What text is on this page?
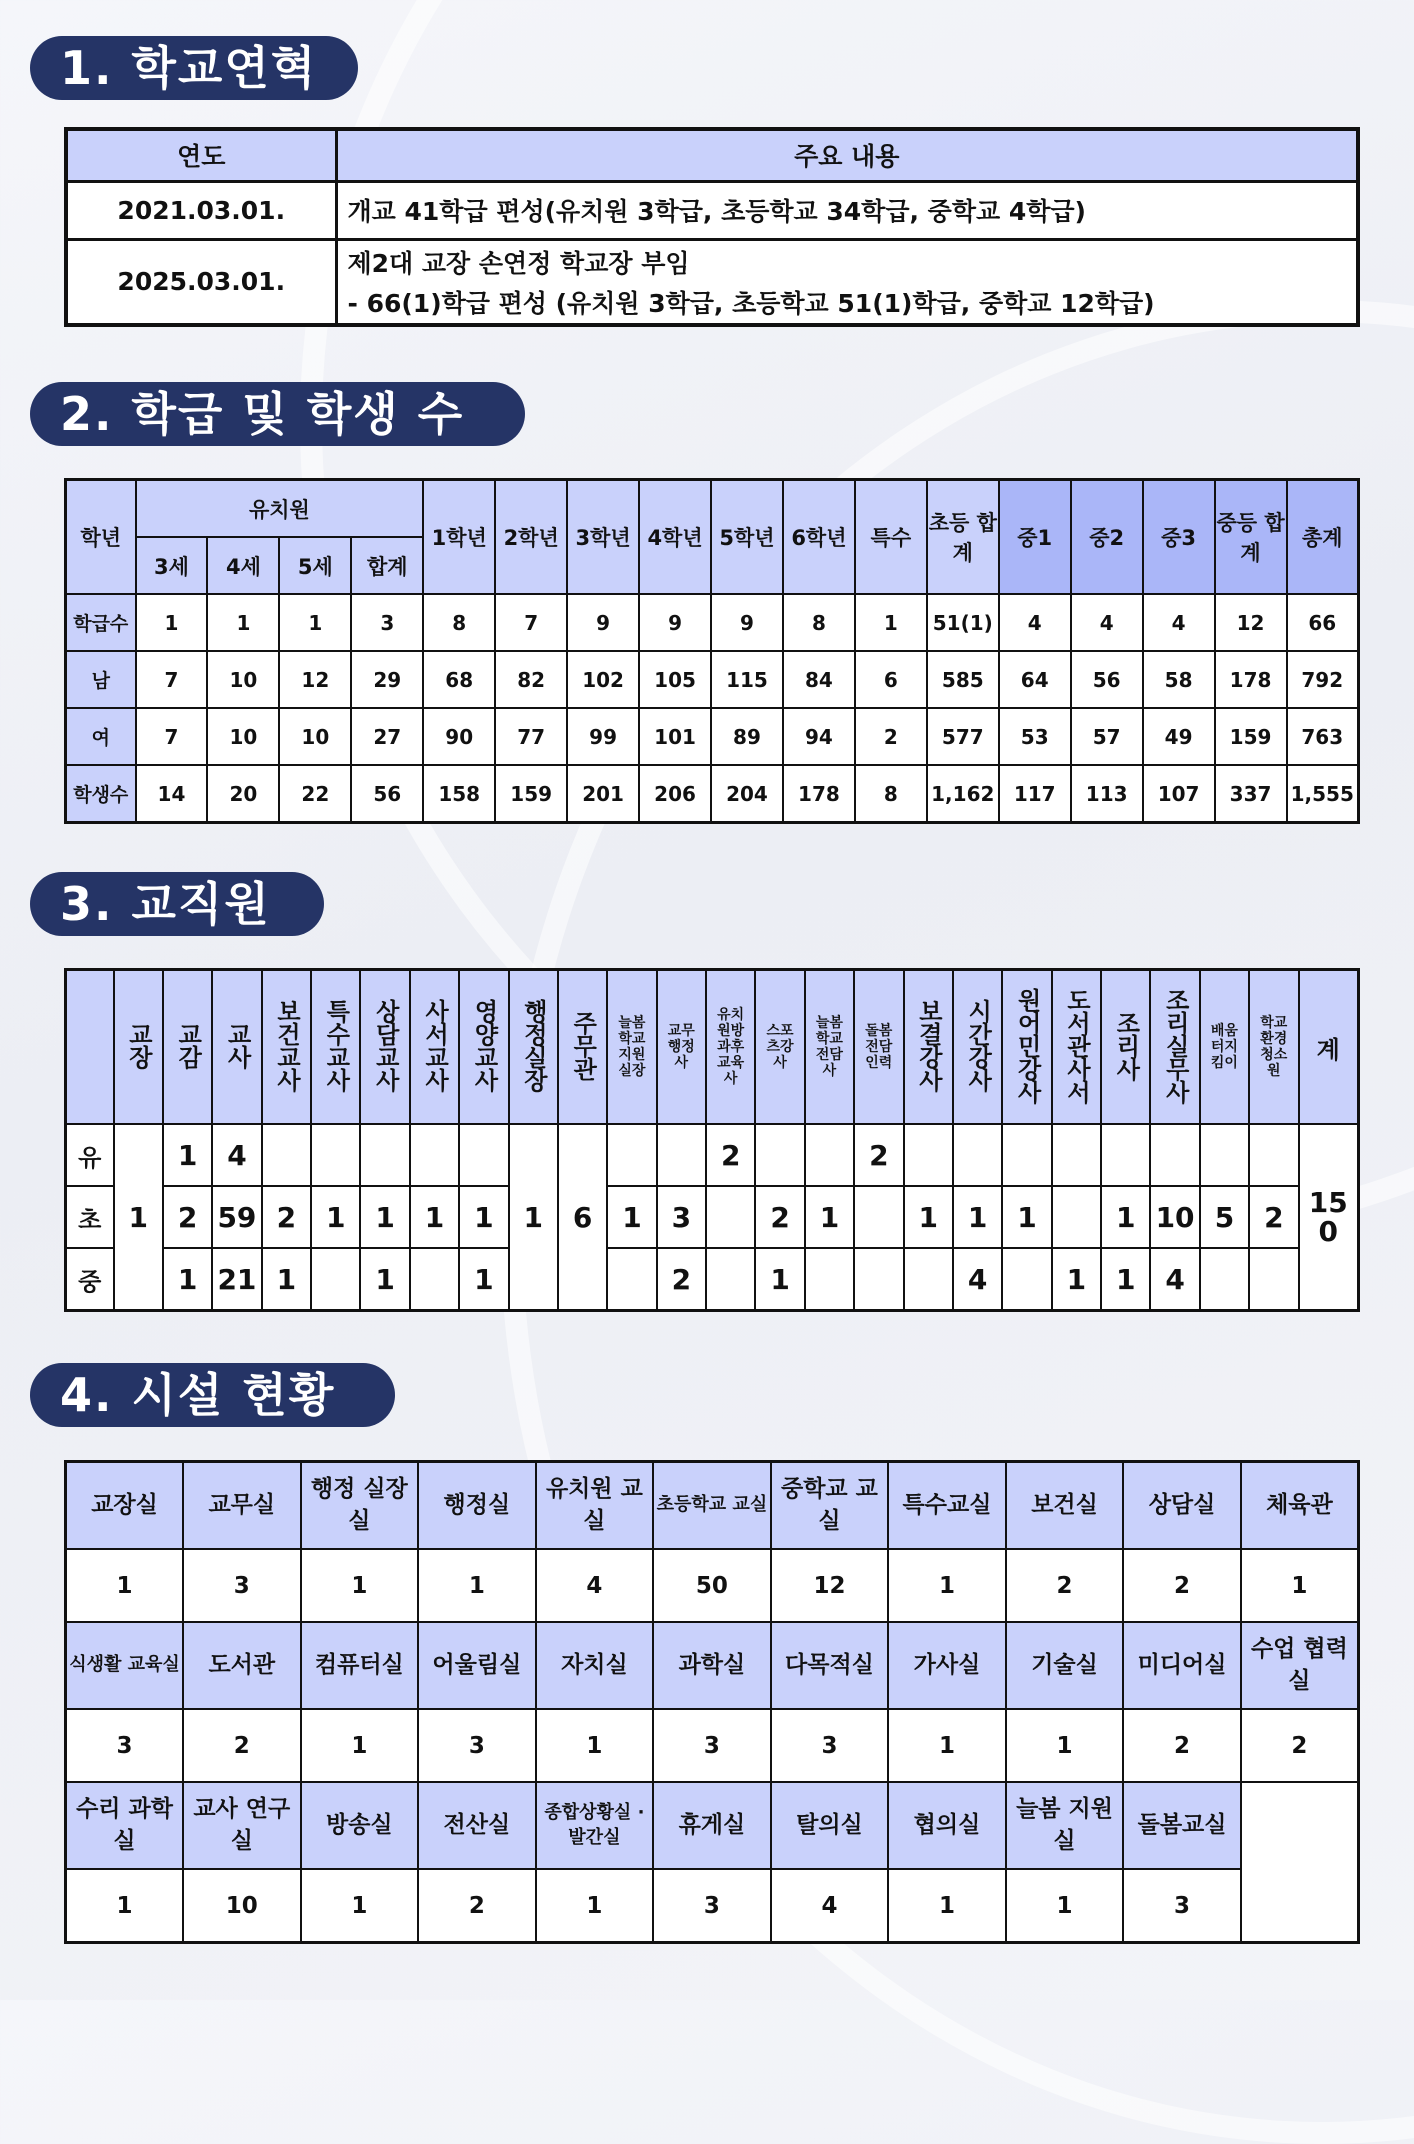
1. 학교연혁
연도	주요 내용
2021.03.01.	개교 41학급 편성(유치원 3학급, 초등학교 34학급, 중학교 4학급)
2025.03.01.	제2대 교장 손연정 학교장 부임
- 66(1)학급 편성 (유치원 3학급, 초등학교 51(1)학급, 중학교 12학급)
2. 학급 및 학생 수
학년	유치원				1학년	2학년	3학년	4학년	5학년	6학년	특수	초등 합계	중1	중2	중3	중등 합계	총계
	3세	4세	5세	합계													
학급수	1	1	1	3	8	7	9	9	9	8	1	51(1)	4	4	4	12	66
남	7	10	12	29	68	82	102	105	115	84	6	585	64	56	58	178	792
여	7	10	10	27	90	77	99	101	89	94	2	577	53	57	49	159	763
학생수	14	20	22	56	158	159	201	206	204	178	8	1,162	117	113	107	337	1,555
3. 교직원
	교장	교감	교사	보건교사	특수교사	상담교사	사서교사	영양교사	행정실장	주무관	늘봄학교지원실장	교무행정사	유치원방과후교육사	스포츠강사	늘봄학교전담사	돌봄전담인력	보결강사	시간강사	원어민강사	도서관사서	조리사	조리실무사	배움터지킴이	학교환경청소원	계
유	1	1	4						1	6			2			2									150
초		2	59	2	1	1	1	1			1	3		2	1		1	1	1		1	10	5	2	
중		1	21	1		1		1				2		1				4		1	1	4			
4. 시설 현황
교장실	교무실	행정 실장실	행정실	유치원 교실	초등학교 교실	중학교 교실	특수교실	보건실	상담실	체육관
1	3	1	1	4	50	12	1	2	2	1
식생활 교육실	도서관	컴퓨터실	어울림실	자치실	과학실	다목적실	가사실	기술실	미디어실	수업 협력실
3	2	1	3	1	3	3	1	1	2	2
수리 과학실	교사 연구실	방송실	전산실	종합상황실 ·발간실	휴게실	탈의실	협의실	늘봄 지원실	돌봄교실	
1	10	1	2	1	3	4	1	1	3	
